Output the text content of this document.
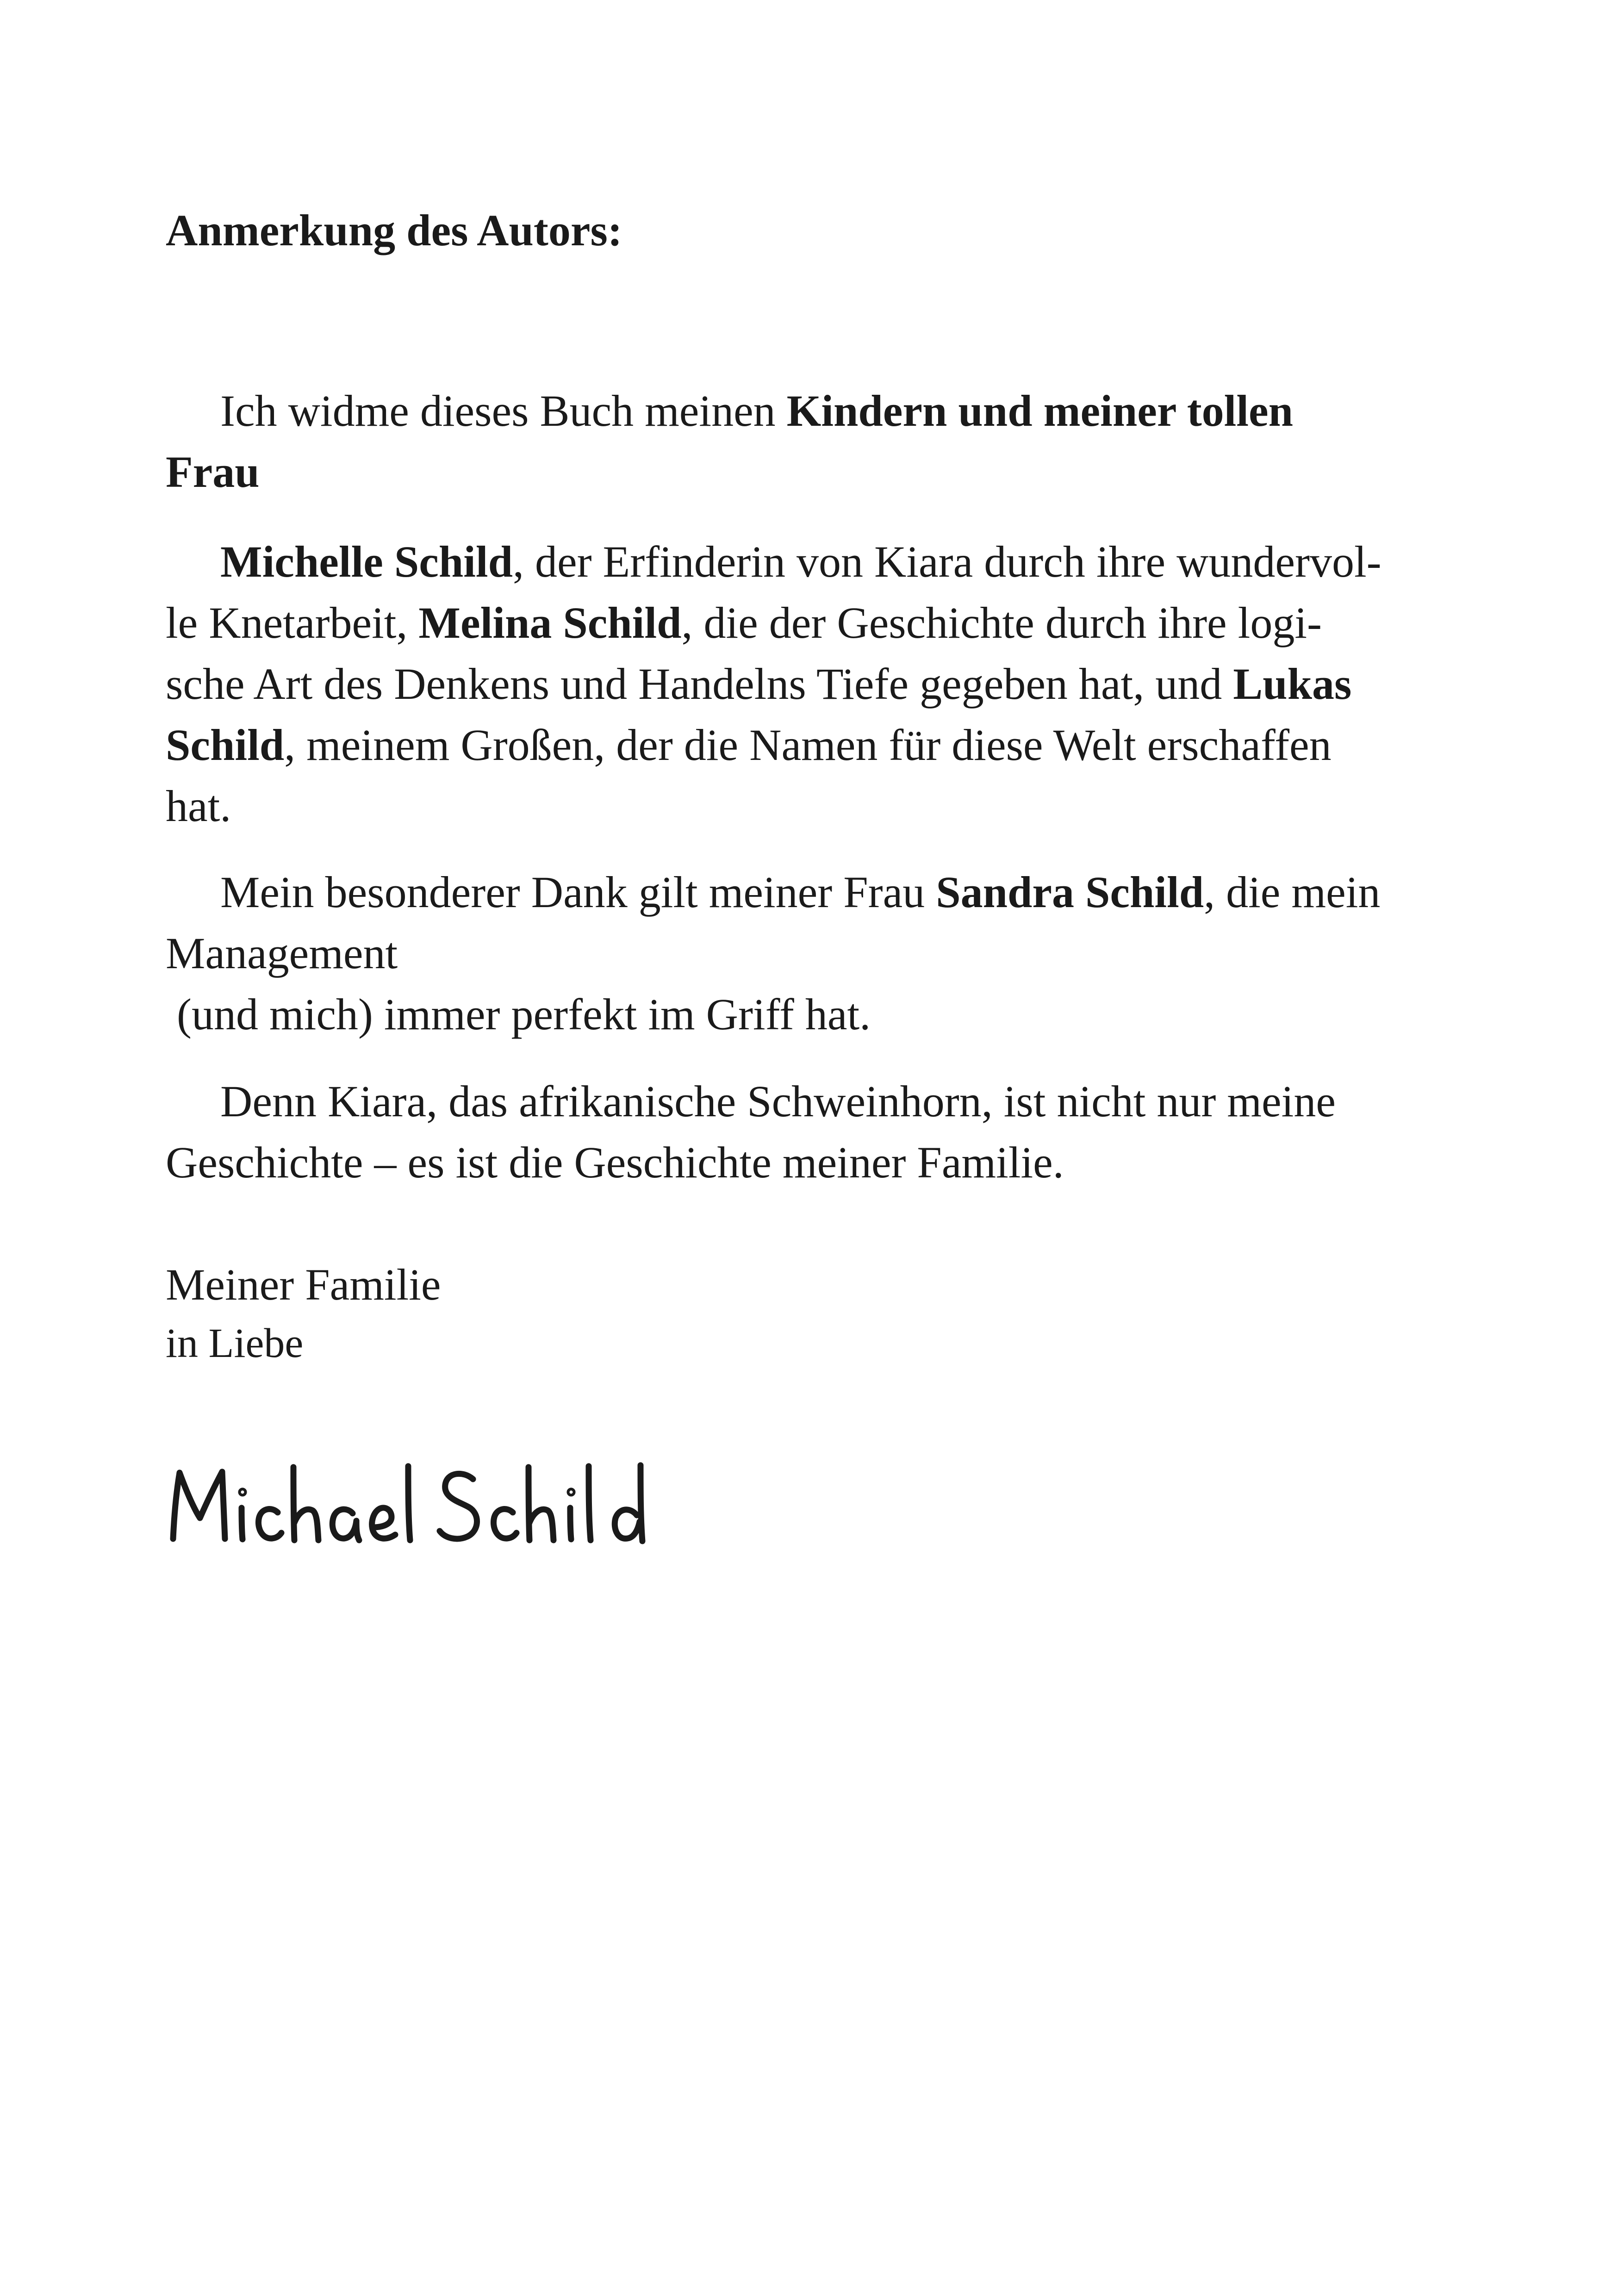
Anmerkung des Autors:

Ich widme dieses Buch meinen Kindern und meiner tollen
Frau

Michelle Schild, der Erfinderin von Kiara durch ihre wundervol-
le Knetarbeit, Melina Schild, die der Geschichte durch ihre logi-
sche Art des Denkens und Handelns Tiefe gegeben hat, und Lukas
Schild, meinem Großen, der die Namen für diese Welt erschaffen
hat.

Mein besonderer Dank gilt meiner Frau Sandra Schild, die mein
Management
(und mich) immer perfekt im Griff hat.

Denn Kiara, das afrikanische Schweinhorn, ist nicht nur meine
Geschichte – es ist die Geschichte meiner Familie.

Meiner Familie

in Liebe
